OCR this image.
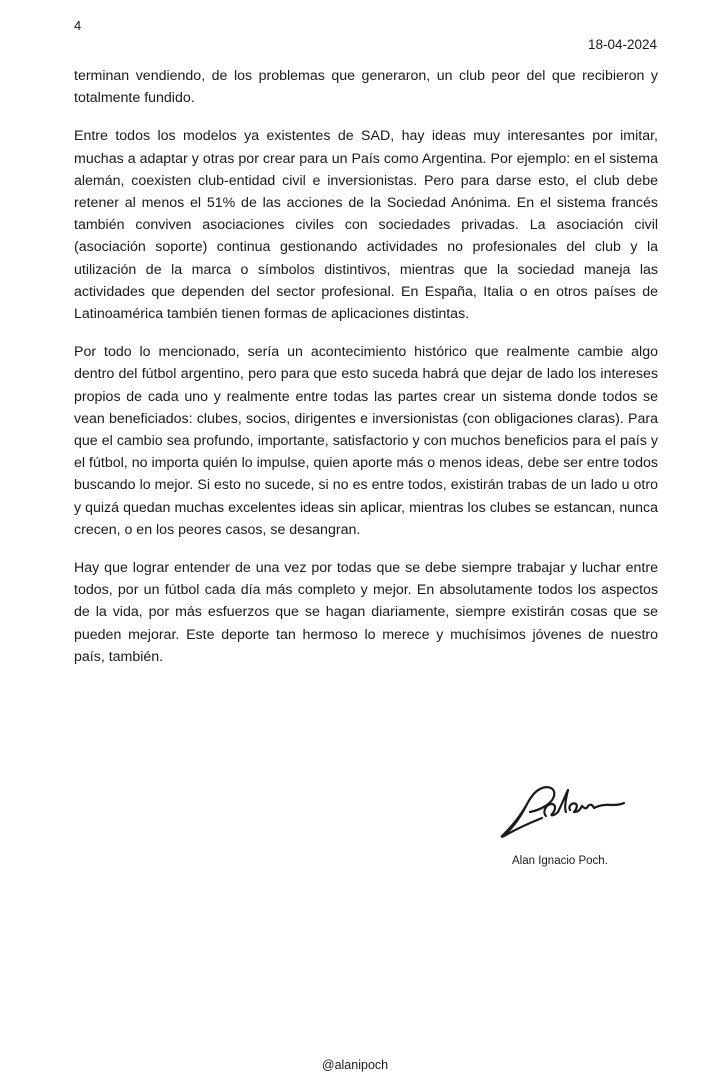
4
18-04-2024

terminan vendiendo, de los problemas que generaron, un club peor del que recibieron y totalmente fundido.

Entre todos los modelos ya existentes de SAD, hay ideas muy interesantes por imitar, muchas a adaptar y otras por crear para un País como Argentina. Por ejemplo: en el sistema alemán, coexisten club-entidad civil e inversionistas. Pero para darse esto, el club debe retener al menos el 51% de las acciones de la Sociedad Anónima. En el sistema francés también conviven asociaciones civiles con sociedades privadas. La asociación civil (asociación soporte) continua gestionando actividades no profesionales del club y la utilización de la marca o símbolos distintivos, mientras que la sociedad maneja las actividades que dependen del sector profesional. En España, Italia o en otros países de Latinoamérica también tienen formas de aplicaciones distintas.

Por todo lo mencionado, sería un acontecimiento histórico que realmente cambie algo dentro del fútbol argentino, pero para que esto suceda habrá que dejar de lado los intereses propios de cada uno y realmente entre todas las partes crear un sistema donde todos se vean beneficiados: clubes, socios, dirigentes e inversionistas (con obligaciones claras). Para que el cambio sea profundo, importante, satisfactorio y con muchos beneficios para el país y el fútbol, no importa quién lo impulse, quien aporte más o menos ideas, debe ser entre todos buscando lo mejor. Si esto no sucede, si no es entre todos, existirán trabas de un lado u otro y quizá quedan muchas excelentes ideas sin aplicar, mientras los clubes se estancan, nunca crecen, o en los peores casos, se desangran.

Hay que lograr entender de una vez por todas que se debe siempre trabajar y luchar entre todos, por un fútbol cada día más completo y mejor. En absolutamente todos los aspectos de la vida, por más esfuerzos que se hagan diariamente, siempre existirán cosas que se pueden mejorar. Este deporte tan hermoso lo merece y muchísimos jóvenes de nuestro país, también.

Alan Ignacio Poch.
@alanipoch
